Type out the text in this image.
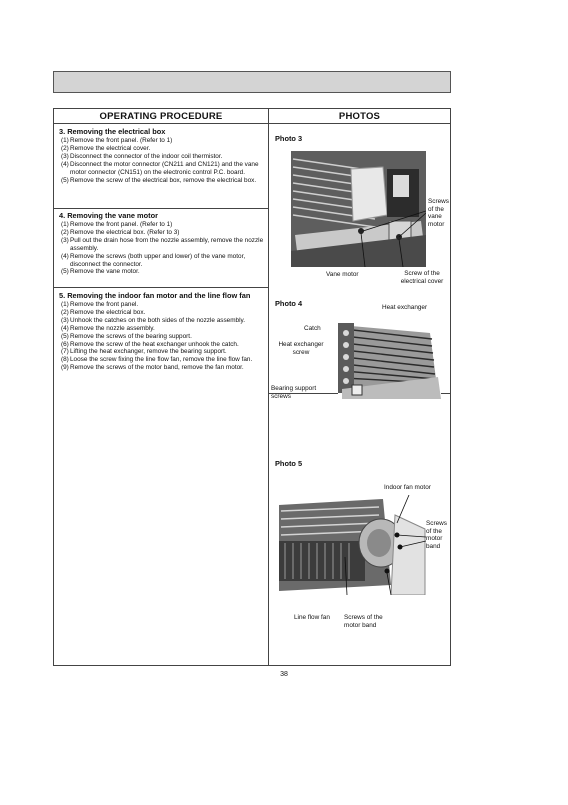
OPERATING PROCEDURE	PHOTOS
3. Removing the electrical box
(1)Remove the front panel. (Refer to 1)
(2)Remove the electrical cover.
(3)Disconnect the connector of the indoor coil thermistor.
(4)Disconnect the motor connector (CN211 and CN121) and the vane motor connector (CN151) on the electronic control P.C. board.
(5)Remove the screw of the electrical box, remove the electrical box.
4. Removing the vane motor
(1)Remove the front panel. (Refer to 1)
(2)Remove the electrical box. (Refer to 3)
(3)Pull out the drain hose from the nozzle assembly, remove the nozzle assembly.
(4)Remove the screws (both upper and lower) of the vane motor, disconnect the connector.
(5)Remove the vane motor.
5. Removing the indoor fan motor and the line flow fan
(1)Remove the front panel.
(2)Remove the electrical box.
(3)Unhook the catches on the both sides of the nozzle assembly.
(4)Remove the nozzle assembly.
(5)Remove the screws of the bearing support.
(6)Remove the screw of the heat exchanger unhook the catch.
(7)Lifting the heat exchanger, remove the bearing support.
(8)Loose the screw fixing the line flow fan, remove the line flow fan.
(9)Remove the screws of the motor band, remove the fan motor.
Photo 3
Screws of the vane motor
Vane motor	Screw of the electrical cover
Photo 4	Heat exchanger
Catch
Heat exchanger screw
Bearing support screws
Photo 5
Indoor fan motor
Screws of the motor band
Line flow fan Screws of the motor band
38
